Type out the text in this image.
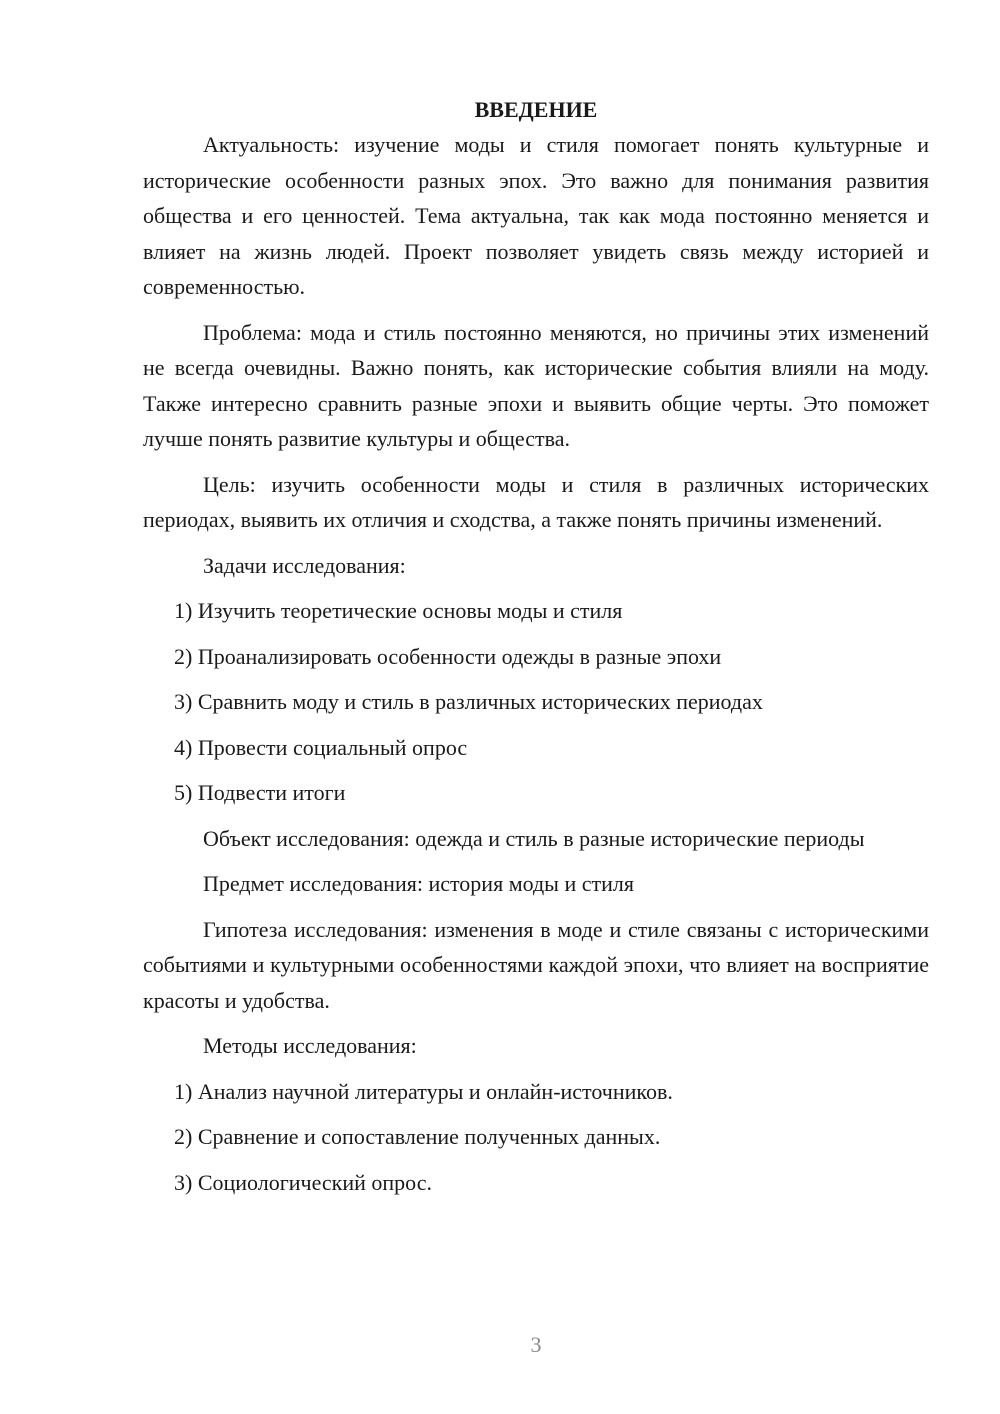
ВВЕДЕНИЕ

Актуальность: изучение моды и стиля помогает понять культурные и исторические особенности разных эпох. Это важно для понимания развития общества и его ценностей. Тема актуальна, так как мода постоянно меняется и влияет на жизнь людей. Проект позволяет увидеть связь между историей и современностью.

Проблема: мода и стиль постоянно меняются, но причины этих изменений не всегда очевидны. Важно понять, как исторические события влияли на моду. Также интересно сравнить разные эпохи и выявить общие черты. Это поможет лучше понять развитие культуры и общества.

Цель: изучить особенности моды и стиля в различных исторических периодах, выявить их отличия и сходства, а также понять причины изменений.

Задачи исследования:

1) Изучить теоретические основы моды и стиля

2) Проанализировать особенности одежды в разные эпохи

3) Сравнить моду и стиль в различных исторических периодах

4) Провести социальный опрос

5) Подвести итоги

Объект исследования: одежда и стиль в разные исторические периоды

Предмет исследования: история моды и стиля

Гипотеза исследования: изменения в моде и стиле связаны с историческими событиями и культурными особенностями каждой эпохи, что влияет на восприятие красоты и удобства.

Методы исследования:

1) Анализ научной литературы и онлайн-источников.

2) Сравнение и сопоставление полученных данных.

3) Социологический опрос.

3
